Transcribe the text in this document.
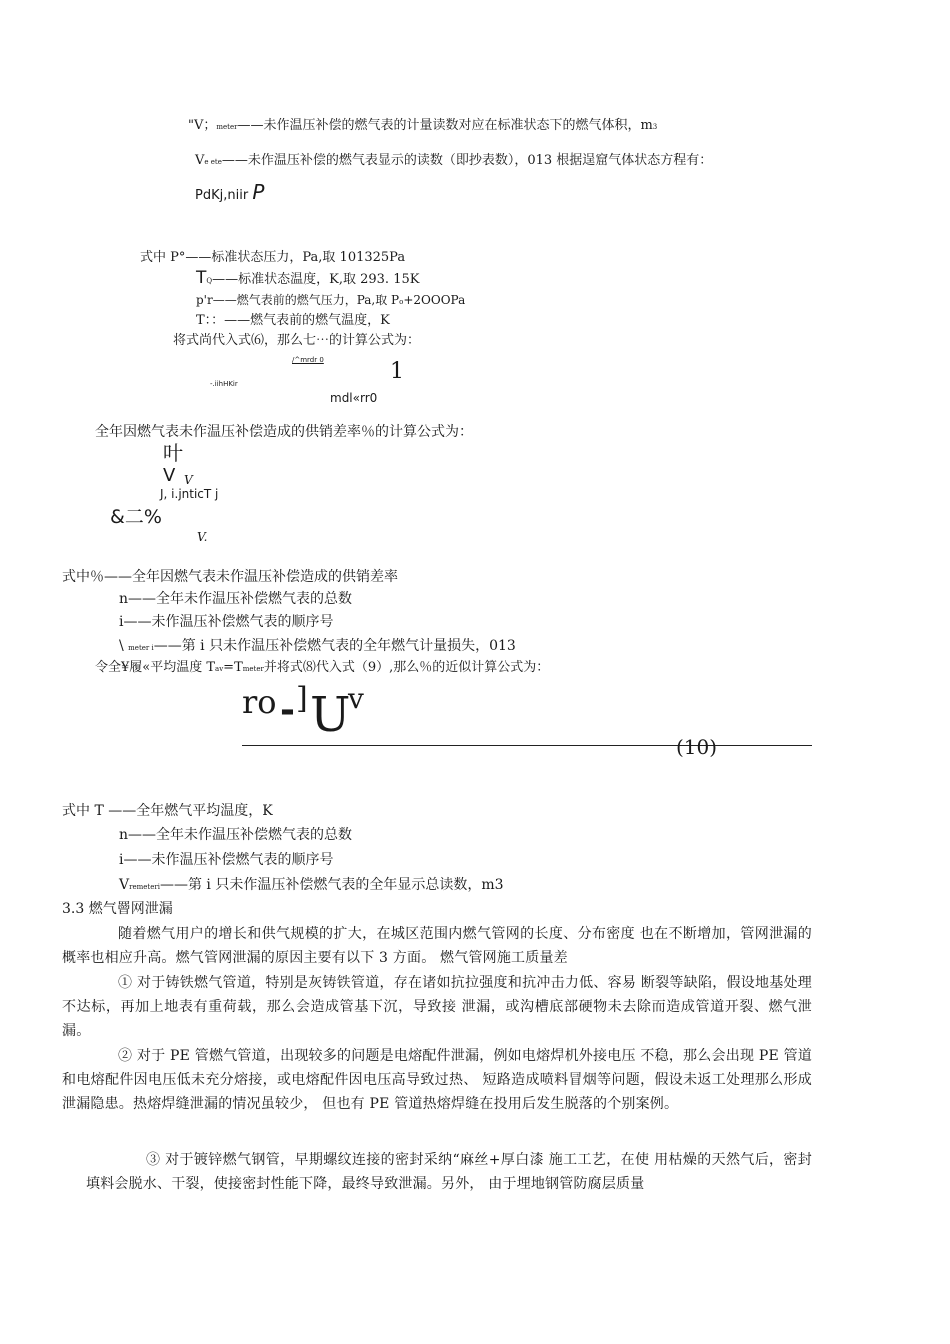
"V；meter——未作温压补偿的燃气表的计量读数对应在标准状态下的燃气体积，m3
Ve ete——未作温压补偿的燃气表显示的读数（即抄表数），013 根据逞窟气体状态方程有：
PdKj,niir P
式中 P°——标准状态压力，Pa,取 101325Pa
TQ——标准状态温度，K,取 293. 15K
p'r——燃气表前的燃气压力，Pa,取 Po+2OOOPa
T：：——燃气表前的燃气温度，K
将式尚代入式⑹，那么七⋯的计算公式为：
/^mrdr 0
-.iihHKir	1
mdl«rr0
全年因燃气表未作温压补偿造成的供销差率％的计算公式为：
叶
V V
J, i.jnticT j
&二%
V.
式中％——全年因燃气表未作温压补偿造成的供销差率
n——全年未作温压补偿燃气表的总数
i——未作温压补偿燃气表的顺序号
\ meter i——第 i 只未作温压补偿燃气表的全年燃气计量损失，013
令全¥履«平均温度 Tav=Tmeter并将式⑻代入式（9）,那么％的近似计算公式为：
ro - ] U
v
(10)
式中 T ——全年燃气平均温度，K
n——全年未作温压补偿燃气表的总数
i——未作温压补偿燃气表的顺序号
Vremeteri——第 i 只未作温压补偿燃气表的全年显示总读数，m3
3.3 燃气罾网泄漏
随着燃气用户的增长和供气规模的扩大，在城区范围内燃气管网的长度、分布密度 也在不断增加，管网泄漏的概率也相应升高。燃气管网泄漏的原因主要有以下 3 方面。 燃气管网施工质量差
① 对于铸铁燃气管道，特别是灰铸铁管道，存在诸如抗拉强度和抗冲击力低、容易 断裂等缺陷，假设地基处理不达标，再加上地表有重荷载，那么会造成管基下沉，导致接 泄漏，或沟槽底部硬物未去除而造成管道开裂、燃气泄漏。
② 对于 PE 管燃气管道，出现较多的问题是电熔配件泄漏，例如电熔焊机外接电压 不稳，那么会出现 PE 管道和电熔配件因电压低未充分熔接，或电熔配件因电压高导致过热、 短路造成喷料冒烟等问题，假设未返工处理那么形成泄漏隐患。热熔焊缝泄漏的情况虽较少， 但也有 PE 管道热熔焊缝在投用后发生脱落的个别案例。
③ 对于镀锌燃气钢管，早期螺纹连接的密封采纳“麻丝+厚白漆 施工工艺，在使 用枯燥的天然气后，密封填料会脱水、干裂，使接密封性能下降，最终导致泄漏。另外， 由于埋地钢管防腐层质量
